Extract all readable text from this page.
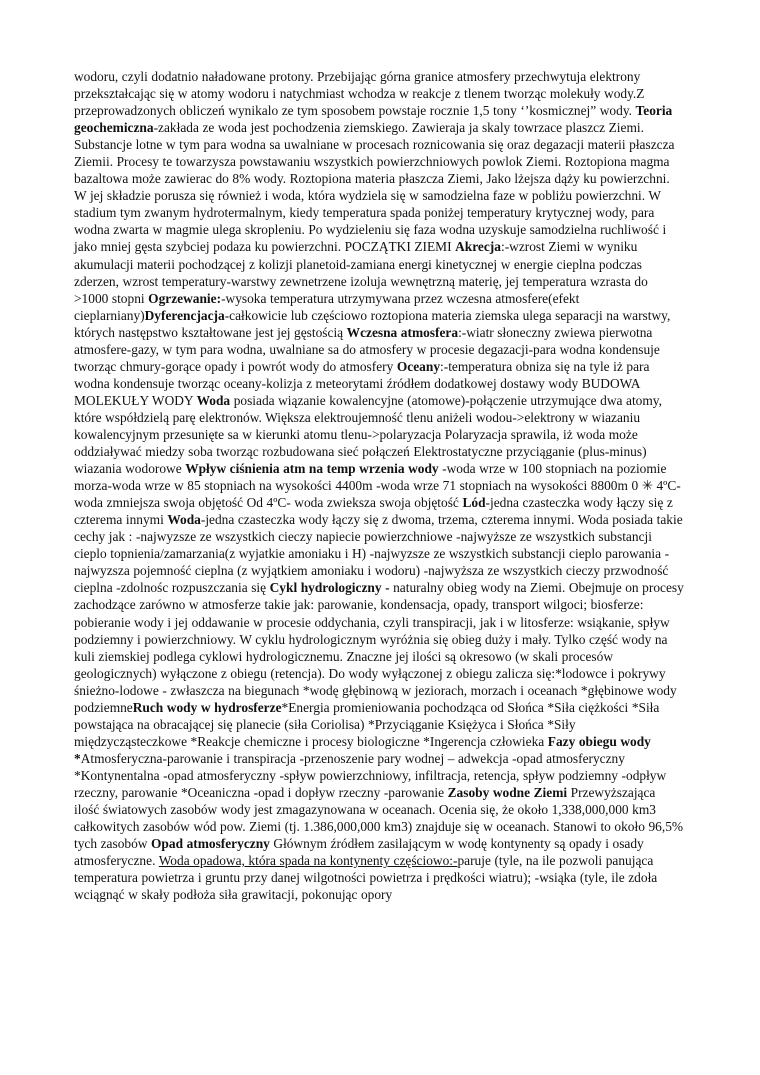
wodoru, czyli dodatnio naładowane protony. Przebijając górna granice atmosfery przechwytuja elektrony przekształcając się w atomy wodoru i natychmiast wchodza w reakcje z tlenem tworząc molekuły wody.Z przeprowadzonych obliczeń wynikalo ze tym sposobem powstaje rocznie 1,5 tony ‘’kosmicznej” wody. Teoria geochemiczna-zakłada ze woda jest pochodzenia ziemskiego. Zawieraja ja skaly towrzace plaszcz Ziemi. Substancje lotne w tym para wodna sa uwalniane w procesach roznicowania się oraz degazacji materii płaszcza Ziemii. Procesy te towarzysza powstawaniu wszystkich powierzchniowych powlok Ziemi. Roztopiona magma bazaltowa może zawierac do 8% wody. Roztopiona materia płaszcza Ziemi, Jako lżejsza dąży ku powierzchni. W jej składzie porusza się również i woda, która wydziela się w samodzielna faze w pobliżu powierzchni. W stadium tym zwanym hydrotermalnym, kiedy temperatura spada poniżej temperatury krytycznej wody, para wodna zwarta w magmie ulega skropleniu. Po wydzieleniu się faza wodna uzyskuje samodzielna ruchliwość i jako mniej gęsta szybciej podaza ku powierzchni. POCZĄTKI ZIEMI Akrecja:-wzrost Ziemi w wyniku akumulacji materii pochodzącej z kolizji planetoid-zamiana energi kinetycznej w energie cieplna podczas zderzen, wzrost temperatury-warstwy zewnetrzene izoluja wewnętrzną materię, jej temperatura wzrasta do >1000 stopni Ogrzewanie:-wysoka temperatura utrzymywana przez wczesna atmosfere(efekt cieplarniany)Dyferencjacja-całkowicie lub częściowo roztopiona materia ziemska ulega separacji na warstwy, których następstwo kształtowane jest jej gęstością Wczesna atmosfera:-wiatr słoneczny zwiewa pierwotna atmosfere-gazy, w tym para wodna, uwalniane sa do atmosfery w procesie degazacji-para wodna kondensuje tworząc chmury-gorące opady i powrót wody do atmosfery Oceany:-temperatura obniza się na tyle iż para wodna kondensuje tworząc oceany-kolizja z meteorytami źródłem dodatkowej dostawy wody BUDOWA MOLEKUŁY WODY Woda posiada wiązanie kowalencyjne (atomowe)-połączenie utrzymujące dwa atomy, które współdzielą parę elektronów. Większa elektroujemność tlenu aniżeli wodou->elektrony w wiazaniu kowalencyjnym przesunięte sa w kierunki atomu tlenu->polaryzacja Polaryzacja sprawila, iż woda może oddziaływać miedzy soba tworząc rozbudowana sieć połączeń Elektrostatyczne przyciąganie (plus-minus) wiazania wodorowe Wpływ ciśnienia atm na temp wrzenia wody -woda wrze w 100 stopniach na poziomie morza-woda wrze w 85 stopniach na wysokości 4400m -woda wrze 71 stopniach na wysokości 8800m 0 ✳ 4ºC-woda zmniejsza swoja objętość Od 4ºC- woda zwieksza swoja objętość Lód-jedna czasteczka wody łączy się z czterema innymi Woda-jedna czasteczka wody łączy się z dwoma, trzema, czterema innymi. Woda posiada takie cechy jak : -najwyzsze ze wszystkich cieczy napiecie powierzchniowe -najwyższe ze wszystkich substancji cieplo topnienia/zamarzania(z wyjatkie amoniaku i H) -najwyzsze ze wszystkich substancji cieplo parowania -najwyzsza pojemność cieplna (z wyjątkiem amoniaku i wodoru) -najwyższa ze wszystkich cieczy przwodność cieplna -zdolnośc rozpuszczania się Cykl hydrologiczny - naturalny obieg wody na Ziemi. Obejmuje on procesy zachodzące zarówno w atmosferze takie jak: parowanie, kondensacja, opady, transport wilgoci; biosferze: pobieranie wody i jej oddawanie w procesie oddychania, czyli transpiracji, jak i w litosferze: wsiąkanie, spływ podziemny i powierzchniowy. W cyklu hydrologicznym wyróżnia się obieg duży i mały. Tylko część wody na kuli ziemskiej podlega cyklowi hydrologicznemu. Znaczne jej ilości są okresowo (w skali procesów geologicznych) wyłączone z obiegu (retencja). Do wody wyłączonej z obiegu zalicza się:*lodowce i pokrywy śnieżno-lodowe - zwłaszcza na biegunach *wodę głębinową w jeziorach, morzach i oceanach *głębinowe wody podziemneRuch wody w hydrosferze*Energia promieniowania pochodząca od Słońca *Siła ciężkości *Siła powstająca na obracającej się planecie (siła Coriolisa) *Przyciąganie Księżyca i Słońca *Siły międzycząsteczkowe *Reakcje chemiczne i procesy biologiczne *Ingerencja człowieka Fazy obiegu wody *Atmosferyczna-parowanie i transpiracja -przenoszenie pary wodnej – adwekcja -opad atmosferyczny *Kontynentalna -opad atmosferyczny -spływ powierzchniowy, infiltracja, retencja, spływ podziemny -odpływ rzeczny, parowanie *Oceaniczna -opad i dopływ rzeczny -parowanie Zasoby wodne Ziemi Przewyższająca ilość światowych zasobów wody jest zmagazynowana w oceanach. Ocenia się, że około 1,338,000,000 km3 całkowitych zasobów wód pow. Ziemi (tj. 1.386,000,000 km3) znajduje się w oceanach. Stanowi to około 96,5% tych zasobów Opad atmosferyczny Głównym źródłem zasilającym w wodę kontynenty są opady i osady atmosferyczne. Woda opadowa, która spada na kontynenty częściowo:-paruje (tyle, na ile pozwoli panująca temperatura powietrza i gruntu przy danej wilgotności powietrza i prędkości wiatru); -wsiąka (tyle, ile zdoła wciągnąć w skały podłoża siła grawitacji, pokonując opory
